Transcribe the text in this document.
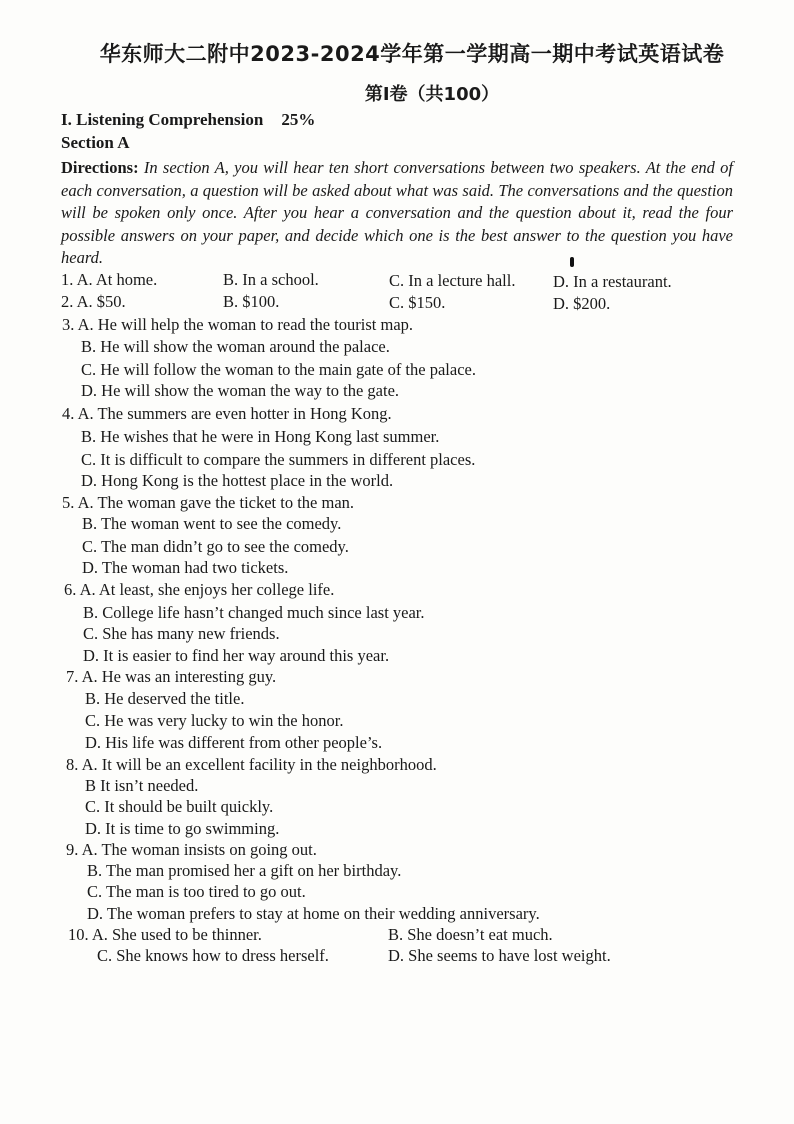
华东师大二附中2023-2024学年第一学期高一期中考试英语试卷
第I卷（共100）
I. Listening Comprehension 25%
Section A
Directions: In section A, you will hear ten short conversations between two speakers. At the end of each conversation, a question will be asked about what was said. The conversations and the question will be spoken only once. After you hear a conversation and the question about it, read the four possible answers on your paper, and decide which one is the best answer to the question you have heard.
1. A. At home.	B. In a school.	C. In a lecture hall. D. In a restaurant.
2. A. $50.	B. $100.	C. $150.	D. $200.
3. A. He will help the woman to read the tourist map.
B. He will show the woman around the palace.
C. He will follow the woman to the main gate of the palace.
D. He will show the woman the way to the gate.
4. A. The summers are even hotter in Hong Kong.
B. He wishes that he were in Hong Kong last summer.
C. It is difficult to compare the summers in different places.
D. Hong Kong is the hottest place in the world.
5. A. The woman gave the ticket to the man.
B. The woman went to see the comedy.
C. The man didn’t go to see the comedy.
D. The woman had two tickets.
6. A. At least, she enjoys her college life.
B. College life hasn’t changed much since last year.
C. She has many new friends.
D. It is easier to find her way around this year.
7. A. He was an interesting guy.
B. He deserved the title.
C. He was very lucky to win the honor.
D. His life was different from other people’s.
8. A. It will be an excellent facility in the neighborhood.
B It isn’t needed.
C. It should be built quickly.
D. It is time to go swimming.
9. A. The woman insists on going out.
B. The man promised her a gift on her birthday.
C. The man is too tired to go out.
D. The woman prefers to stay at home on their wedding anniversary.
10. A. She used to be thinner.	B. She doesn’t eat much.
C. She knows how to dress herself.	D. She seems to have lost weight.
